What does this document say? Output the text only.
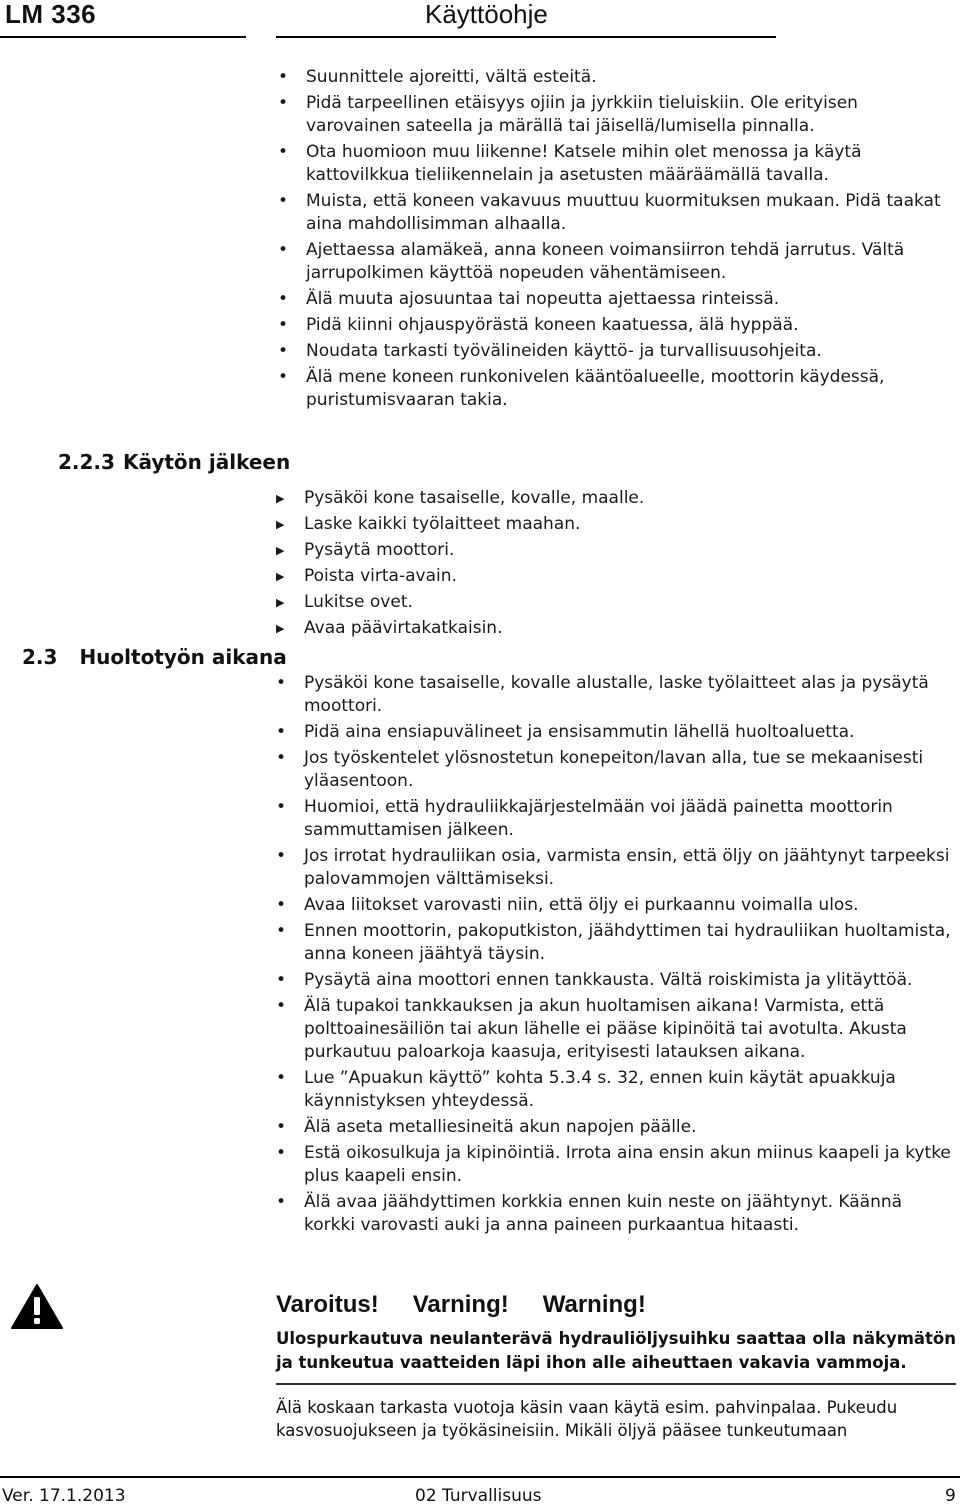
LM 336	Käyttöohje
• Suunnittele ajoreitti, vältä esteitä.
• Pidä tarpeellinen etäisyys ojiin ja jyrkkiin tieluiskiin. Ole erityisen varovainen sateella ja märällä tai jäisellä/lumisella pinnalla.
• Ota huomioon muu liikenne! Katsele mihin olet menossa ja käytä kattovilkkua tieliikennelain ja asetusten määräämällä tavalla.
• Muista, että koneen vakavuus muuttuu kuormituksen mukaan. Pidä taakat aina mahdollisimman alhaalla.
• Ajettaessa alamäkeä, anna koneen voimansiirron tehdä jarrutus. Vältä jarrupolkimen käyttöä nopeuden vähentämiseen.
• Älä muuta ajosuuntaa tai nopeutta ajettaessa rinteissä.
• Pidä kiinni ohjauspyörästä koneen kaatuessa, älä hyppää.
• Noudata tarkasti työvälineiden käyttö- ja turvallisuusohjeita.
• Älä mene koneen runkonivelen kääntöalueelle, moottorin käydessä, puristumisvaaran takia.
2.2.3 Käytön jälkeen
▶ Pysäköi kone tasaiselle, kovalle, maalle.
▶ Laske kaikki työlaitteet maahan.
▶ Pysäytä moottori.
▶ Poista virta-avain.
▶ Lukitse ovet.
▶ Avaa päävirtakatkaisin.
2.3 Huoltotyön aikana
• Pysäköi kone tasaiselle, kovalle alustalle, laske työlaitteet alas ja pysäytä moottori.
• Pidä aina ensiapuvälineet ja ensisammutin lähellä huoltoaluetta.
• Jos työskentelet ylösnostetun konepeiton/lavan alla, tue se mekaanisesti yläasentoon.
• Huomioi, että hydrauliikkajärjestelmään voi jäädä painetta moottorin sammuttamisen jälkeen.
• Jos irrotat hydrauliikan osia, varmista ensin, että öljy on jäähtynyt tarpeeksi palovammojen välttämiseksi.
• Avaa liitokset varovasti niin, että öljy ei purkaannu voimalla ulos.
• Ennen moottorin, pakoputkiston, jäähdyttimen tai hydrauliikan huoltamista, anna koneen jäähtyä täysin.
• Pysäytä aina moottori ennen tankkausta. Vältä roiskimista ja ylitäyttöä.
• Älä tupakoi tankkauksen ja akun huoltamisen aikana! Varmista, että polttoainesäiliön tai akun lähelle ei pääse kipinöitä tai avotulta. Akusta purkautuu paloarkoja kaasuja, erityisesti latauksen aikana.
• Lue ”Apuakun käyttö” kohta 5.3.4 s. 32, ennen kuin käytät apuakkuja käynnistyksen yhteydessä.
• Älä aseta metalliesineitä akun napojen päälle.
• Estä oikosulkuja ja kipinöintiä. Irrota aina ensin akun miinus kaapeli ja kytke plus kaapeli ensin.
• Älä avaa jäähdyttimen korkkia ennen kuin neste on jäähtynyt. Käännä korkki varovasti auki ja anna paineen purkaantua hitaasti.
Varoitus! Varning! Warning!
Ulospurkautuva neulanterävä hydrauliöljysuihku saattaa olla näkymätön ja tunkeutua vaatteiden läpi ihon alle aiheuttaen vakavia vammoja.
Älä koskaan tarkasta vuotoja käsin vaan käytä esim. pahvinpalaa. Pukeudu kasvosuojukseen ja työkäsineisiin. Mikäli öljyä pääsee tunkeutumaan
Ver. 17.1.2013	02 Turvallisuus	9
